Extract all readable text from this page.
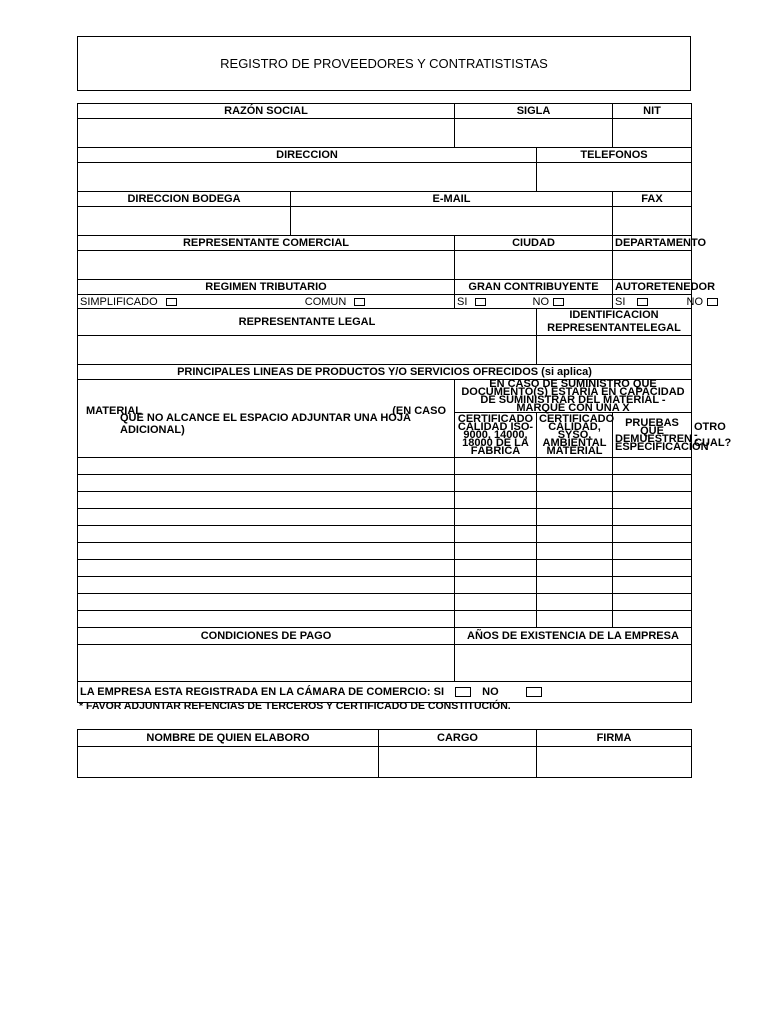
REGISTRO DE PROVEEDORES Y CONTRATISTISTAS
RAZÓN SOCIAL		SIGLA		NIT	

DIRECCION			TELEFONOS		

DIRECCION BODEGA	E-MAIL			FAX	

REPRESENTANTE COMERCIAL		CIUDAD		DEPARTAMENTO	

REGIMEN TRIBUTARIO		GRAN CONTRIBUYENTE		AUTORETENEDOR	
SIMPLIFICADO COMUN		SI NO		SI NO	
REPRESENTANTE LEGAL			IDENTIFICACION REPRESENTANTELEGAL		

PRINCIPALES LINEAS DE PRODUCTOS Y/O SERVICIOS OFRECIDOS (si aplica)					

MATERIAL (EN CASO
QUE NO ALCANCE EL ESPACIO ADJUNTAR UNA HOJA ADICIONAL)		EN CASO DE SUMINISTRO QUE DOCUMENTO(S) ESTARÍA EN CAPACIDAD DE SUMINISTRAR DEL MATERIAL - MARQUE CON UNA X			
		CERTIFICADO CALIDAD ISO-9000, 14000, 18000 DE LA FÁBRICA	CERTIFICADO CALIDAD, SYSO, AMBIENTAL MATERIAL	PRUEBAS QUE DEMUESTREN ESPECIFICACIÓN	OTRO - CUAL?

CONDICIONES DE PAGO		AÑOS DE EXISTENCIA DE LA EMPRESA			

LA EMPRESA ESTA REGISTRADA EN LA CÁMARA DE COMERCIO: SI NO					
* FAVOR ADJUNTAR REFENCIAS DE TERCEROS Y CERTIFICADO DE CONSTITUCIÓN.
NOMBRE DE QUIEN ELABORO	CARGO	FIRMA
